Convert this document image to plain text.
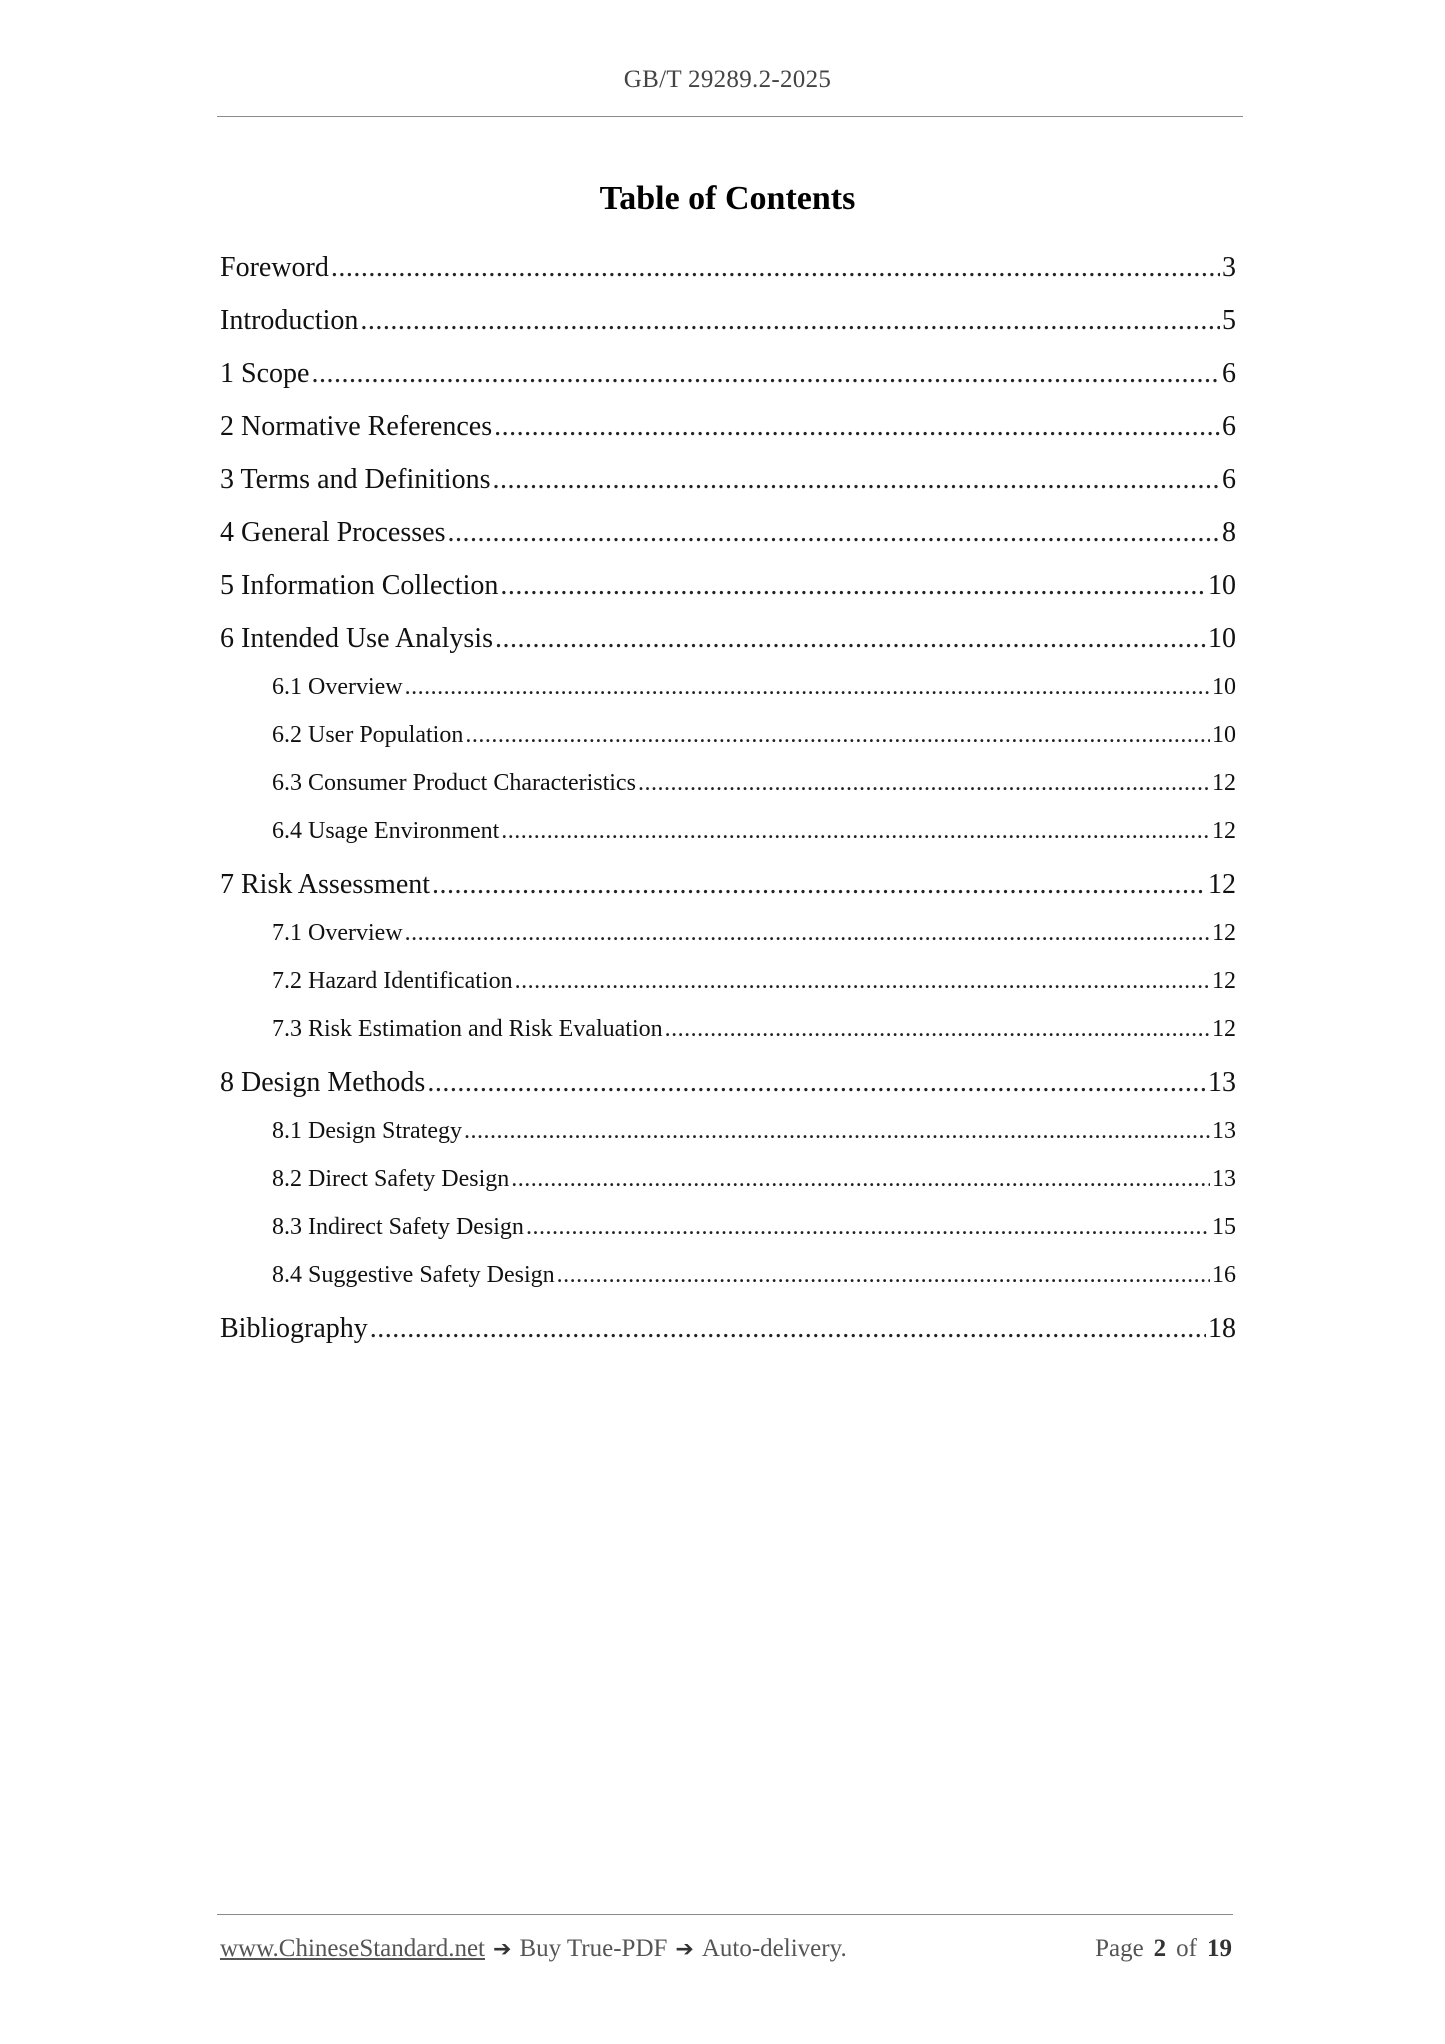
GB/T 29289.2-2025
Table of Contents
Foreword .....	3
Introduction .....	5
1 Scope .....	6
2 Normative References .....	6
3 Terms and Definitions .....	6
4 General Processes .....	8
5 Information Collection .....	10
6 Intended Use Analysis .....	10
6.1 Overview .....	10
6.2 User Population .....	10
6.3 Consumer Product Characteristics .....	12
6.4 Usage Environment .....	12
7 Risk Assessment .....	12
7.1 Overview .....	12
7.2 Hazard Identification .....	12
7.3 Risk Estimation and Risk Evaluation .....	12
8 Design Methods .....	13
8.1 Design Strategy .....	13
8.2 Direct Safety Design .....	13
8.3 Indirect Safety Design .....	15
8.4 Suggestive Safety Design .....	16
Bibliography .....	18
www.ChineseStandard.net ➔ Buy True-PDF ➔ Auto-delivery.	Page 2 of 19
